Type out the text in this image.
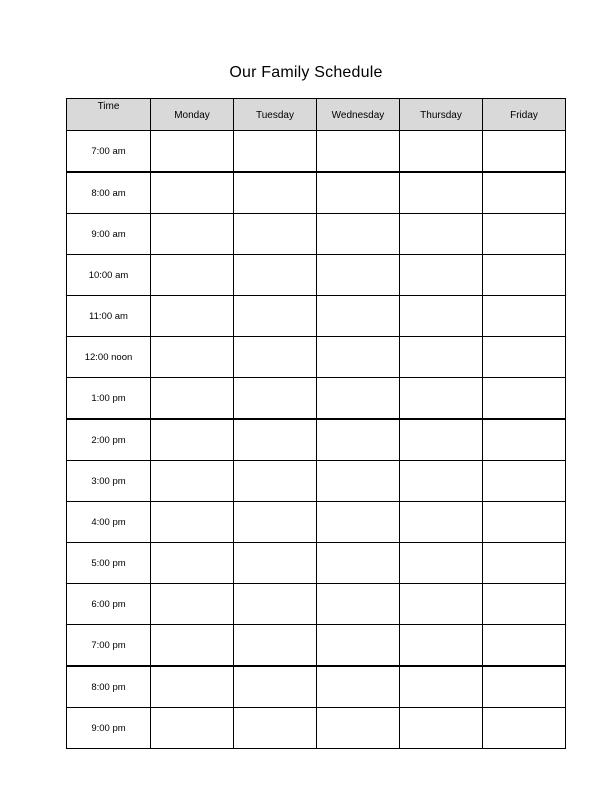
Our Family Schedule
Time	Monday	Tuesday	Wednesday	Thursday	Friday
7:00 am					
8:00 am					
9:00 am					
10:00 am					
11:00 am					
12:00 noon					
1:00 pm					
2:00 pm					
3:00 pm					
4:00 pm					
5:00 pm					
6:00 pm					
7:00 pm					
8:00 pm					
9:00 pm					
